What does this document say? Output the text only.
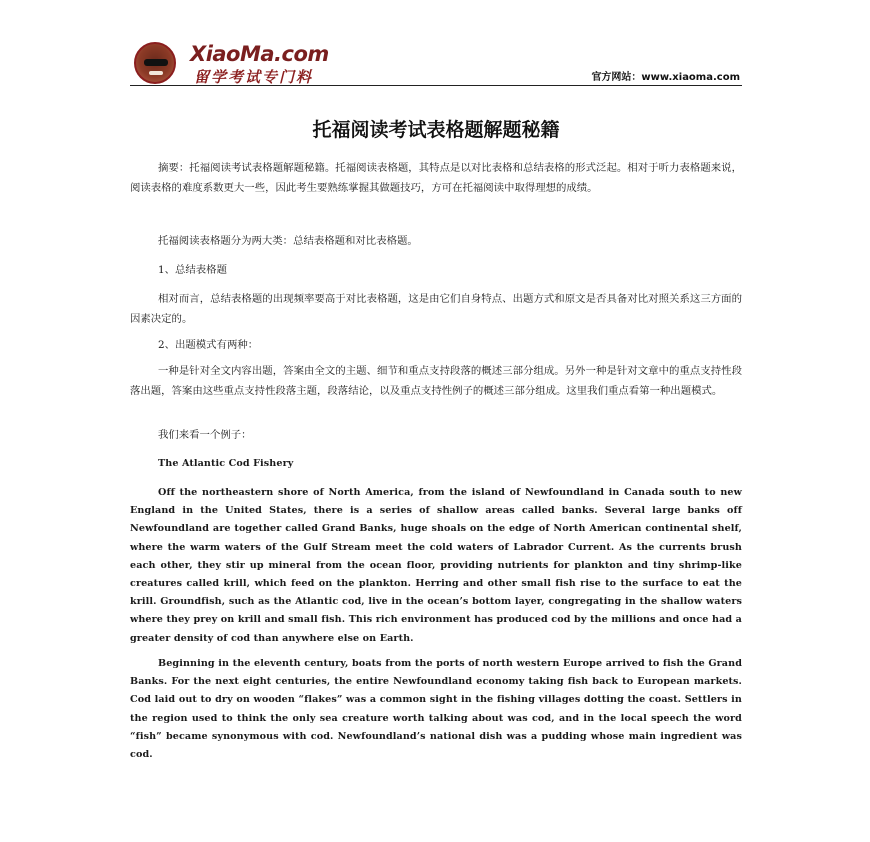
XiaoMa.com
留学考试专门料	官方网站：www.xiaoma.com
托福阅读考试表格题解题秘籍
摘要：托福阅读考试表格题解题秘籍。托福阅读表格题，其特点是以对比表格和总结表格的形式泛起。相对于听力表格题来说，阅读表格的难度系数更大一些，因此考生要熟练掌握其做题技巧，方可在托福阅读中取得理想的成绩。
托福阅读表格题分为两大类：总结表格题和对比表格题。
1、总结表格题
相对而言，总结表格题的出现频率要高于对比表格题，这是由它们自身特点、出题方式和原文是否具备对比对照关系这三方面的因素决定的。
2、出题模式有两种：
一种是针对全文内容出题，答案由全文的主题、细节和重点支持段落的概述三部分组成。另外一种是针对文章中的重点支持性段落出题，答案由这些重点支持性段落主题，段落结论，以及重点支持性例子的概述三部分组成。这里我们重点看第一种出题模式。
我们来看一个例子：
The Atlantic Cod Fishery
Off the northeastern shore of North America, from the island of Newfoundland in Canada south to new England in the United States, there is a series of shallow areas called banks. Several large banks off Newfoundland are together called Grand Banks, huge shoals on the edge of North American continental shelf, where the warm waters of the Gulf Stream meet the cold waters of Labrador Current. As the currents brush each other, they stir up mineral from the ocean floor, providing nutrients for plankton and tiny shrimp-like creatures called krill, which feed on the plankton. Herring and other small fish rise to the surface to eat the krill. Groundfish, such as the Atlantic cod, live in the ocean’s bottom layer, congregating in the shallow waters where they prey on krill and small fish. This rich environment has produced cod by the millions and once had a greater density of cod than anywhere else on Earth.
Beginning in the eleventh century, boats from the ports of north western Europe arrived to fish the Grand Banks. For the next eight centuries, the entire Newfoundland economy taking fish back to European markets. Cod laid out to dry on wooden “flakes” was a common sight in the fishing villages dotting the coast. Settlers in the region used to think the only sea creature worth talking about was cod, and in the local speech the word “fish” became synonymous with cod. Newfoundland’s national dish was a pudding whose main ingredient was cod.
